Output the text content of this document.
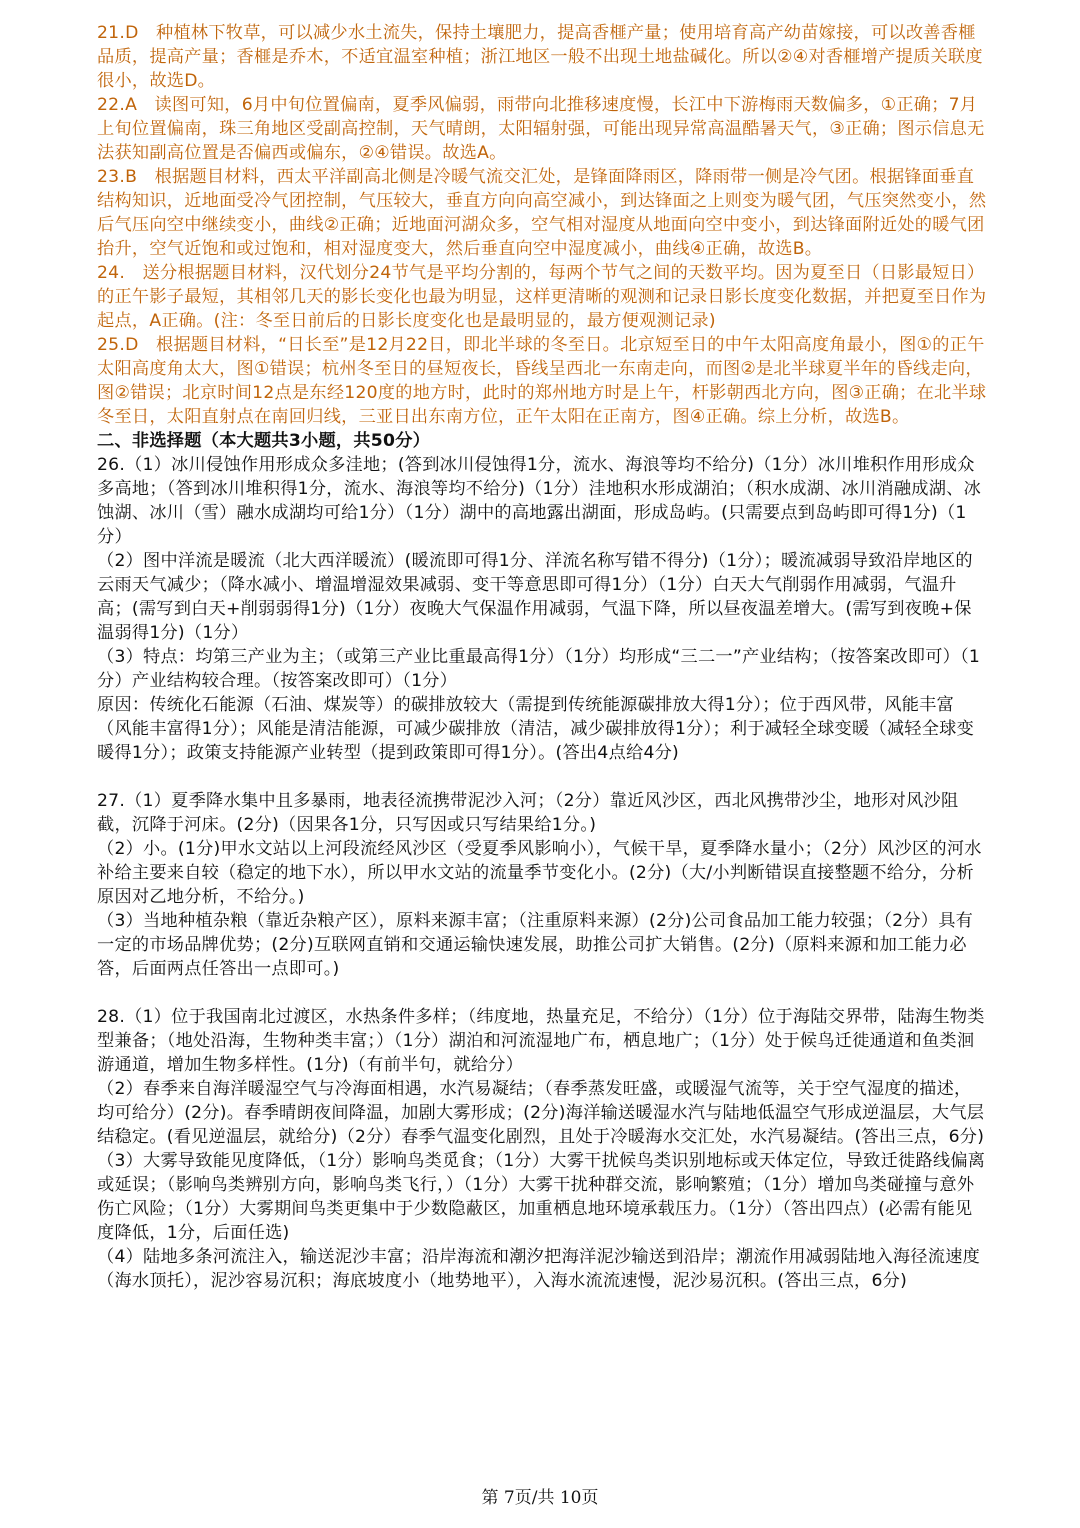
21.D　种植林下牧草，可以减少水土流失，保持土壤肥力，提高香榧产量；使用培育高产幼苗嫁接，可以改善香榧品质，提高产量；香榧是乔木，不适宜温室种植；浙江地区一般不出现土地盐碱化。所以②④对香榧增产提质关联度很小，故选D。

22.A　读图可知，6月中旬位置偏南，夏季风偏弱，雨带向北推移速度慢，长江中下游梅雨天数偏多，①正确；7月上旬位置偏南，珠三角地区受副高控制，天气晴朗，太阳辐射强，可能出现异常高温酷暑天气，③正确；图示信息无法获知副高位置是否偏西或偏东，②④错误。故选A。

23.B　根据题目材料，西太平洋副高北侧是冷暖气流交汇处，是锋面降雨区，降雨带一侧是冷气团。根据锋面垂直结构知识，近地面受冷气团控制，气压较大，垂直方向向高空减小，到达锋面之上则变为暖气团，气压突然变小，然后气压向空中继续变小，曲线②正确；近地面河湖众多，空气相对湿度从地面向空中变小，到达锋面附近处的暖气团抬升，空气近饱和或过饱和，相对湿度变大，然后垂直向空中湿度减小，曲线④正确，故选B。

24.　送分根据题目材料，汉代划分24节气是平均分割的，每两个节气之间的天数平均。因为夏至日（日影最短日）的正午影子最短，其相邻几天的影长变化也最为明显，这样更清晰的观测和记录日影长度变化数据，并把夏至日作为起点，A正确。(注：冬至日前后的日影长度变化也是最明显的，最方便观测记录)

25.D　根据题目材料，“日长至”是12月22日，即北半球的冬至日。北京短至日的中午太阳高度角最小，图①的正午太阳高度角太大，图①错误；杭州冬至日的昼短夜长，昏线呈西北一东南走向，而图②是北半球夏半年的昏线走向，图②错误；北京时间12点是东经120度的地方时，此时的郑州地方时是上午，杆影朝西北方向，图③正确；在北半球冬至日，太阳直射点在南回归线，三亚日出东南方位，正午太阳在正南方，图④正确。综上分析，故选B。

二、非选择题（本大题共3小题，共50分）

26.（1）冰川侵蚀作用形成众多洼地；(答到冰川侵蚀得1分，流水、海浪等均不给分)（1分）冰川堆积作用形成众多高地；（答到冰川堆积得1分，流水、海浪等均不给分)（1分）洼地积水形成湖泊；（积水成湖、冰川消融成湖、冰蚀湖、冰川（雪）融水成湖均可给1分）（1分）湖中的高地露出湖面，形成岛屿。(只需要点到岛屿即可得1分)（1分）

（2）图中洋流是暖流（北大西洋暖流）(暖流即可得1分、洋流名称写错不得分)（1分）；暖流减弱导致沿岸地区的云雨天气减少；（降水减小、增温增湿效果减弱、变干等意思即可得1分）（1分）白天大气削弱作用减弱，气温升高；(需写到白天+削弱弱得1分)（1分）夜晚大气保温作用减弱，气温下降，所以昼夜温差增大。(需写到夜晚+保温弱得1分)（1分）

（3）特点：均第三产业为主；（或第三产业比重最高得1分）（1分）均形成“三二一”产业结构；（按答案改即可）（1分）产业结构较合理。（按答案改即可）（1分）

原因：传统化石能源（石油、煤炭等）的碳排放较大（需提到传统能源碳排放大得1分）；位于西风带，风能丰富（风能丰富得1分）；风能是清洁能源，可减少碳排放（清洁，减少碳排放得1分）；利于减轻全球变暖（减轻全球变暖得1分）；政策支持能源产业转型（提到政策即可得1分）。(答出4点给4分)

27.（1）夏季降水集中且多暴雨，地表径流携带泥沙入河；（2分）靠近风沙区，西北风携带沙尘，地形对风沙阻截，沉降于河床。(2分)（因果各1分，只写因或只写结果给1分。)

（2）小。(1分)甲水文站以上河段流经风沙区（受夏季风影响小），气候干旱，夏季降水量小；（2分）风沙区的河水补给主要来自较（稳定的地下水），所以甲水文站的流量季节变化小。(2分)（大/小判断错误直接整题不给分，分析原因对乙地分析，不给分。)

（3）当地种植杂粮（靠近杂粮产区），原料来源丰富；（注重原料来源）(2分)公司食品加工能力较强；（2分）具有一定的市场品牌优势；(2分)互联网直销和交通运输快速发展，助推公司扩大销售。(2分)（原料来源和加工能力必答，后面两点任答出一点即可。)

28.（1）位于我国南北过渡区，水热条件多样；（纬度地，热量充足，不给分）（1分）位于海陆交界带，陆海生物类型兼备；（地处沿海，生物种类丰富；）（1分）湖泊和河流湿地广布，栖息地广；（1分）处于候鸟迁徙通道和鱼类洄游通道，增加生物多样性。(1分)（有前半句，就给分）

（2）春季来自海洋暖湿空气与冷海面相遇，水汽易凝结；（春季蒸发旺盛，或暖湿气流等，关于空气湿度的描述，均可给分）(2分)。春季晴朗夜间降温，加剧大雾形成；(2分)海洋输送暖湿水汽与陆地低温空气形成逆温层，大气层结稳定。(看见逆温层，就给分)（2分）春季气温变化剧烈，且处于冷暖海水交汇处，水汽易凝结。(答出三点，6分)

（3）大雾导致能见度降低，（1分）影响鸟类觅食；（1分）大雾干扰候鸟类识别地标或天体定位，导致迁徙路线偏离或延误；（影响鸟类辨别方向，影响鸟类飞行，）（1分）大雾干扰种群交流，影响繁殖；（1分）增加鸟类碰撞与意外伤亡风险；（1分）大雾期间鸟类更集中于少数隐蔽区，加重栖息地环境承载压力。（1分）（答出四点）(必需有能见度降低，1分，后面任选)

（4）陆地多条河流注入，输送泥沙丰富；沿岸海流和潮汐把海洋泥沙输送到沿岸；潮流作用减弱陆地入海径流速度（海水顶托），泥沙容易沉积；海底坡度小（地势地平），入海水流流速慢，泥沙易沉积。(答出三点，6分)

第 7页/共 10页
